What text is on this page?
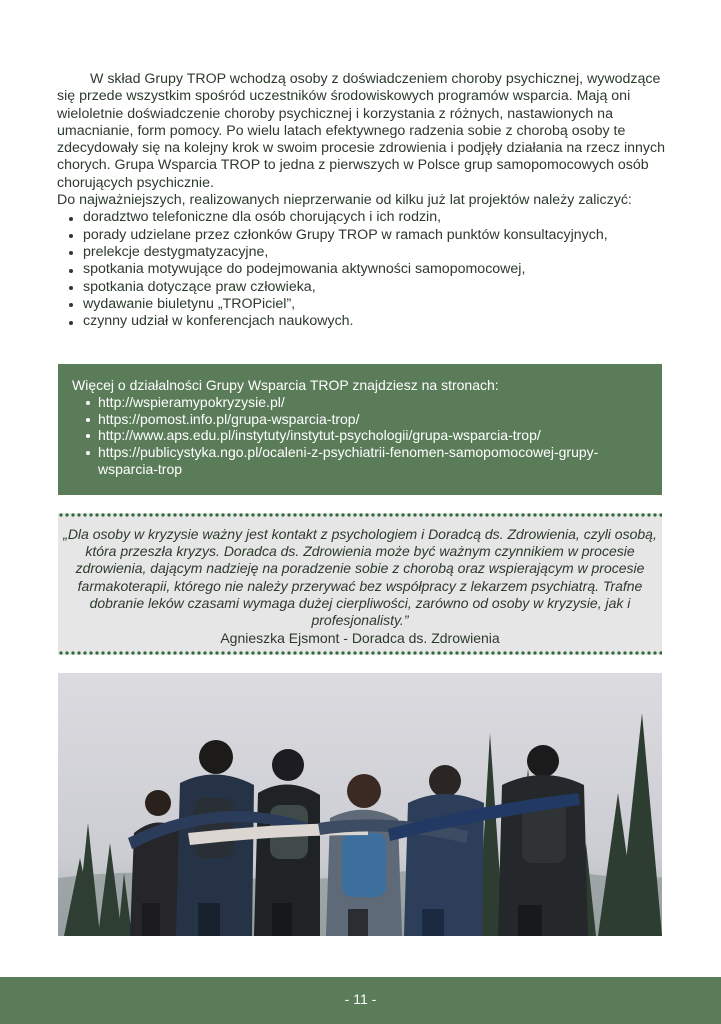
W skład Grupy TROP wchodzą osoby z doświadczeniem choroby psychicznej, wywodzące się przede wszystkim spośród uczestników środowiskowych programów wsparcia. Mają oni wieloletnie doświadczenie choroby psychicznej i korzystania z różnych, nastawionych na umacnianie, form pomocy. Po wielu latach efektywnego radzenia sobie z chorobą osoby te zdecydowały się na kolejny krok w swoim procesie zdrowienia i podjęły działania na rzecz innych chorych. Grupa Wsparcia TROP to jedna z pierwszych w Polsce grup samopomocowych osób chorujących psychicznie.

Do najważniejszych, realizowanych nieprzerwanie od kilku już lat projektów należy zaliczyć:

doradztwo telefoniczne dla osób chorujących i ich rodzin,
porady udzielane przez członków Grupy TROP w ramach punktów konsultacyjnych,
prelekcje destygmatyzacyjne,
spotkania motywujące do podejmowania aktywności samopomocowej,
spotkania dotyczące praw człowieka,
wydawanie biuletynu „TROPiciel”,
czynny udział w konferencjach naukowych.
Więcej o działalności Grupy Wsparcia TROP znajdziesz na stronach:
http://wspieramypokryzysie.pl/
https://pomost.info.pl/grupa-wsparcia-trop/
http://www.aps.edu.pl/instytuty/instytut-psychologii/grupa-wsparcia-trop/
https://publicystyka.ngo.pl/ocaleni-z-psychiatrii-fenomen-samopomocowej-grupy-wsparcia-trop
„Dla osoby w kryzysie ważny jest kontakt z psychologiem i Doradcą ds. Zdrowienia, czyli osobą, która przeszła kryzys. Doradca ds. Zdrowienia może być ważnym czynnikiem w procesie zdrowienia, dającym nadzieję na poradzenie sobie z chorobą oraz wspierającym w procesie farmakoterapii, którego nie należy przerywać bez współpracy z lekarzem psychiatrą. Trafne dobranie leków czasami wymaga dużej cierpliwości, zarówno od osoby w kryzysie, jak i profesjonalisty.”
Agnieszka Ejsmont - Doradca ds. Zdrowienia
- 11 -
